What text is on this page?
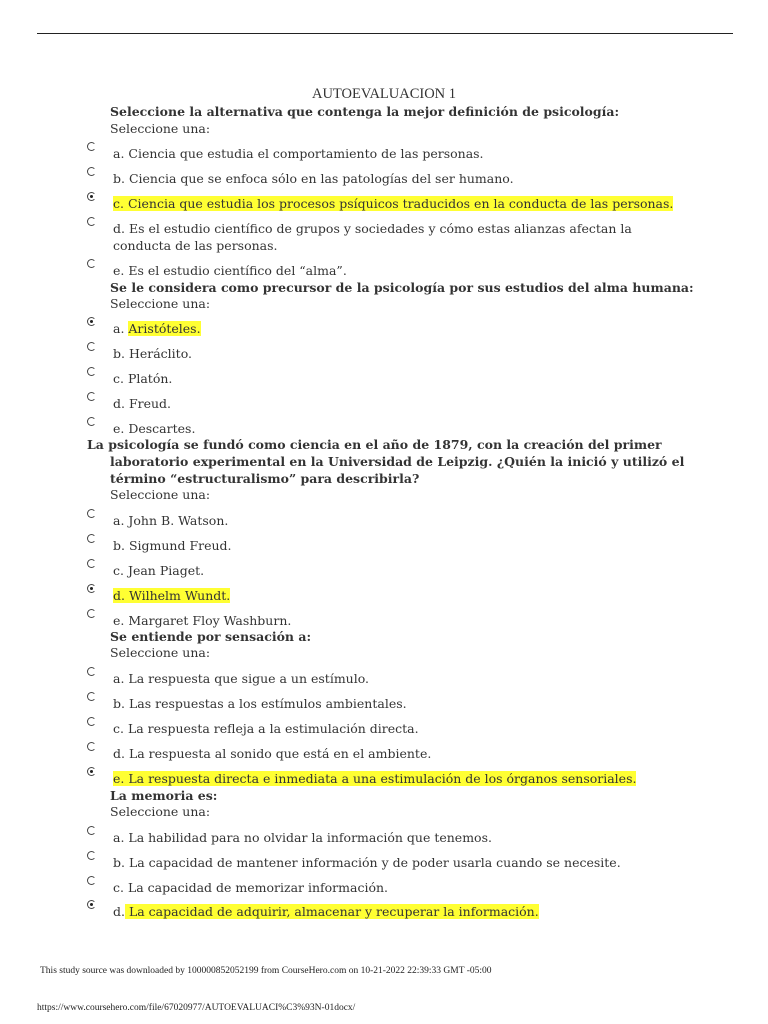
AUTOEVALUACION 1
Seleccione la alternativa que contenga la mejor definición de psicología:
Seleccione una:
a. Ciencia que estudia el comportamiento de las personas.
b. Ciencia que se enfoca sólo en las patologías del ser humano.
c. Ciencia que estudia los procesos psíquicos traducidos en la conducta de las personas.
d. Es el estudio científico de grupos y sociedades y cómo estas alianzas afectan la conducta de las personas.
e. Es el estudio científico del “alma”.
Se le considera como precursor de la psicología por sus estudios del alma humana:
Seleccione una:
a. Aristóteles.
b. Heráclito.
c. Platón.
d. Freud.
e. Descartes.
La psicología se fundó como ciencia en el año de 1879, con la creación del primer
laboratorio experimental en la Universidad de Leipzig. ¿Quién la inició y utilizó el
término “estructuralismo” para describirla?
Seleccione una:
a. John B. Watson.
b. Sigmund Freud.
c. Jean Piaget.
d. Wilhelm Wundt.
e. Margaret Floy Washburn.
Se entiende por sensación a:
Seleccione una:
a. La respuesta que sigue a un estímulo.
b. Las respuestas a los estímulos ambientales.
c. La respuesta refleja a la estimulación directa.
d. La respuesta al sonido que está en el ambiente.
e. La respuesta directa e inmediata a una estimulación de los órganos sensoriales.
La memoria es:
Seleccione una:
a. La habilidad para no olvidar la información que tenemos.
b. La capacidad de mantener información y de poder usarla cuando se necesite.
c. La capacidad de memorizar información.
d. La capacidad de adquirir, almacenar y recuperar la información.
This study source was downloaded by 100000852052199 from CourseHero.com on 10-21-2022 22:39:33 GMT -05:00
https://www.coursehero.com/file/67020977/AUTOEVALUACI%C3%93N-01docx/
